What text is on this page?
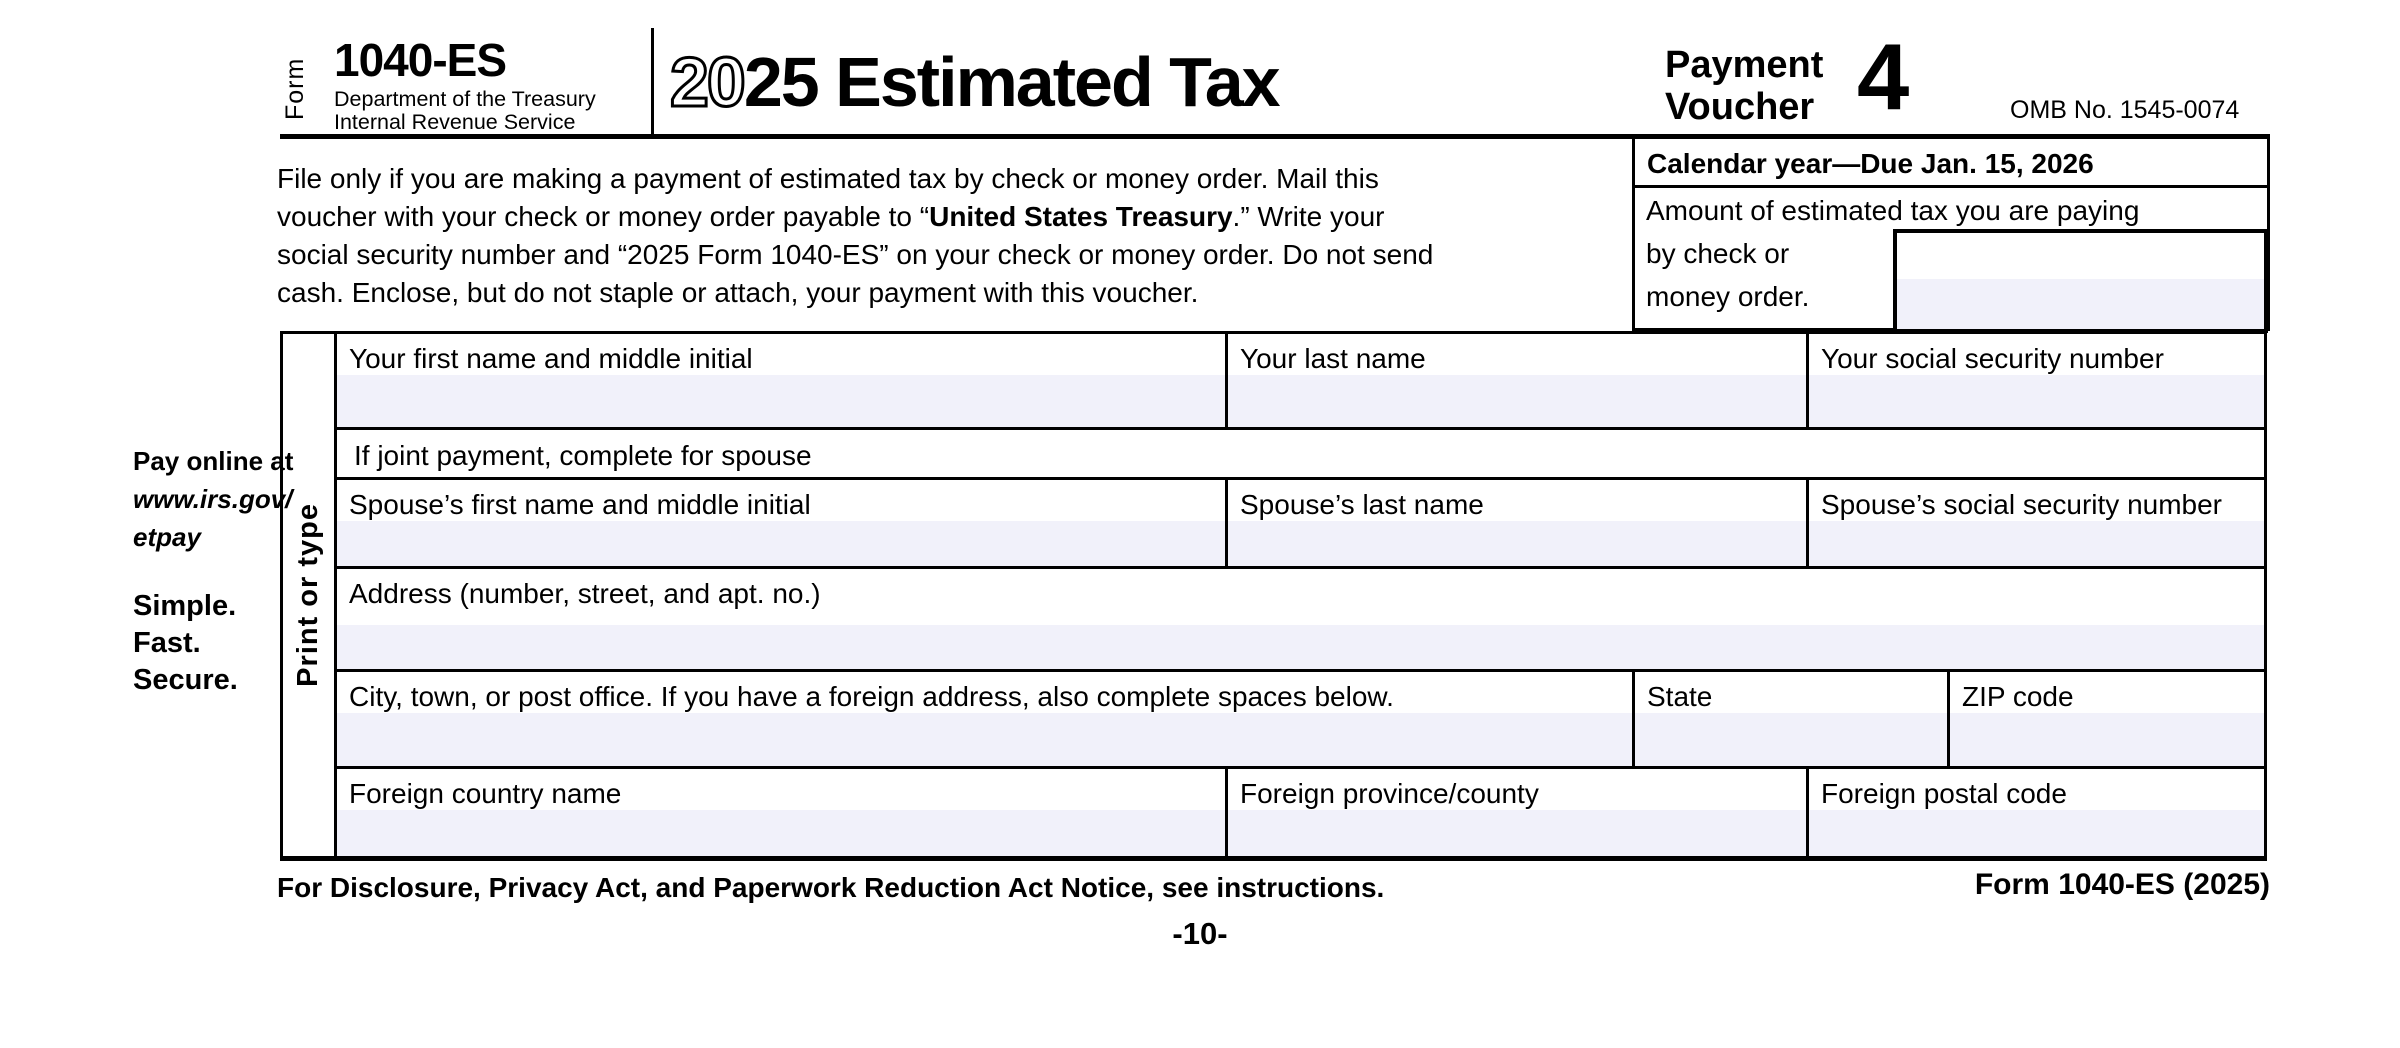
Form 1040-ES
Department of the Treasury
Internal Revenue Service
2025 Estimated Tax	Payment
Voucher 4	OMB No. 1545-0074
File only if you are making a payment of estimated tax by check or money order. Mail this
voucher with your check or money order payable to “United States Treasury.” Write your
social security number and “2025 Form 1040-ES” on your check or money order. Do not send
cash. Enclose, but do not staple or attach, your payment with this voucher.
Calendar year—Due Jan. 15, 2026
Amount of estimated tax you are paying
by check or
money order.
Pay online at
www.irs.gov/
etpay
Simple.
Fast.
Secure. Print or type
Your first name and middle initial	Your last name	Your social security number
If joint payment, complete for spouse
Spouse’s first name and middle initial	Spouse’s last name	Spouse’s social security number
Address (number, street, and apt. no.)
City, town, or post office. If you have a foreign address, also complete spaces below.	State	ZIP code
Foreign country name	Foreign province/county	Foreign postal code
For Disclosure, Privacy Act, and Paperwork Reduction Act Notice, see instructions.	Form 1040-ES (2025)
-10-
